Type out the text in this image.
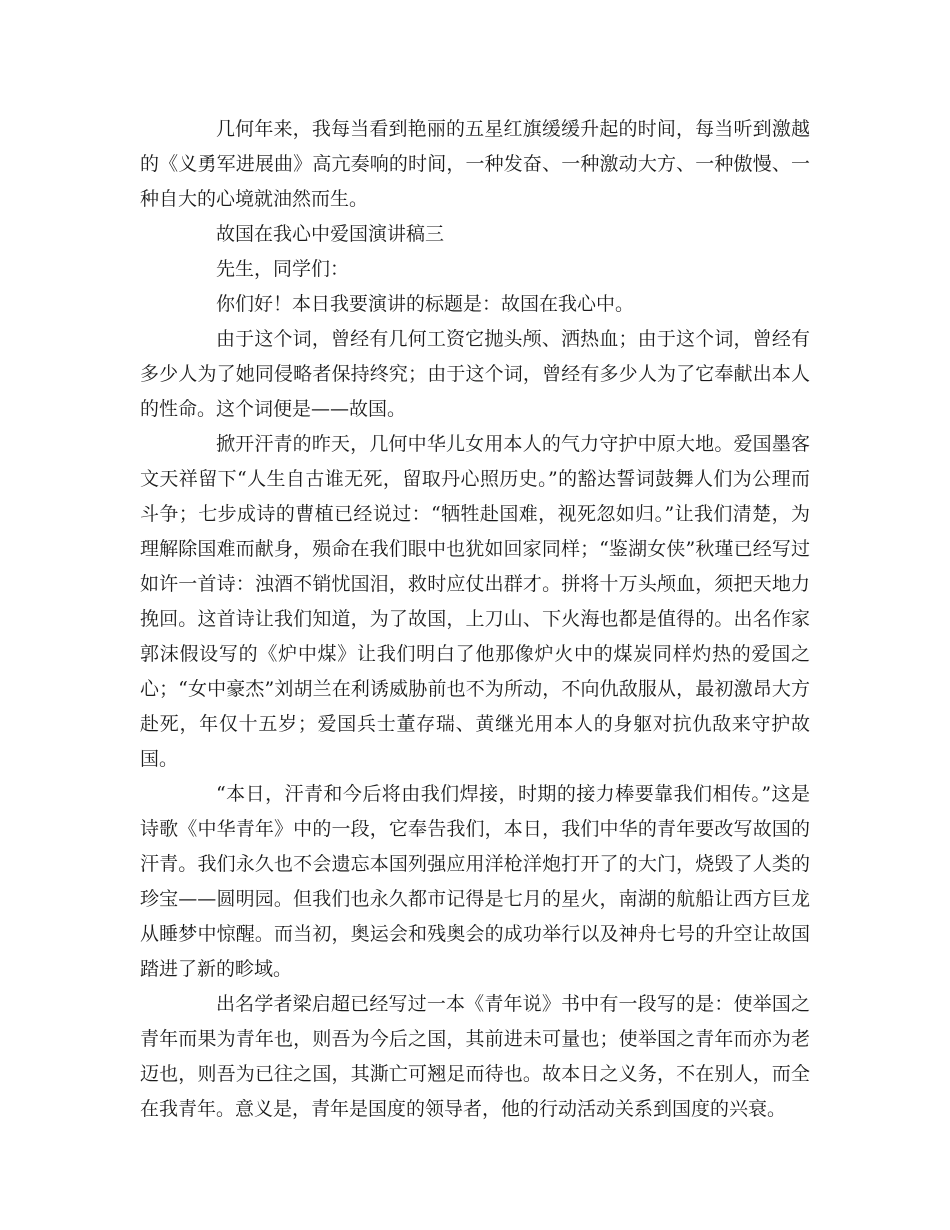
几何年来，我每当看到艳丽的五星红旗缓缓升起的时间，每当听到激越的《义勇军进展曲》高亢奏响的时间，一种发奋、一种激动大方、一种傲慢、一种自大的心境就油然而生。

故国在我心中爱国演讲稿三

先生，同学们：

你们好！本日我要演讲的标题是：故国在我心中。

由于这个词，曾经有几何工资它抛头颅、洒热血；由于这个词，曾经有多少人为了她同侵略者保持终究；由于这个词，曾经有多少人为了它奉献出本人的性命。这个词便是——故国。

掀开汗青的昨天，几何中华儿女用本人的气力守护中原大地。爱国墨客文天祥留下“人生自古谁无死，留取丹心照历史。”的豁达誓词鼓舞人们为公理而斗争；七步成诗的曹植已经说过：“牺牲赴国难，视死忽如归。”让我们清楚，为理解除国难而献身，殒命在我们眼中也犹如回家同样；“鉴湖女侠”秋瑾已经写过如许一首诗：浊酒不销忧国泪，救时应仗出群才。拼将十万头颅血，须把天地力挽回。这首诗让我们知道，为了故国，上刀山、下火海也都是值得的。出名作家郭沫假设写的《炉中煤》让我们明白了他那像炉火中的煤炭同样灼热的爱国之心；“女中豪杰”刘胡兰在利诱威胁前也不为所动，不向仇敌服从，最初激昂大方赴死，年仅十五岁；爱国兵士董存瑞、黄继光用本人的身躯对抗仇敌来守护故国。

“本日，汗青和今后将由我们焊接，时期的接力棒要靠我们相传。”这是诗歌《中华青年》中的一段，它奉告我们，本日，我们中华的青年要改写故国的汗青。我们永久也不会遗忘本国列强应用洋枪洋炮打开了的大门，烧毁了人类的珍宝——圆明园。但我们也永久都市记得是七月的星火，南湖的航船让西方巨龙从睡梦中惊醒。而当初，奥运会和残奥会的成功举行以及神舟七号的升空让故国踏进了新的畛域。

出名学者梁启超已经写过一本《青年说》书中有一段写的是：使举国之青年而果为青年也，则吾为今后之国，其前进未可量也；使举国之青年而亦为老迈也，则吾为已往之国，其澌亡可翘足而待也。故本日之义务，不在别人，而全在我青年。意义是，青年是国度的领导者，他的行动活动关系到国度的兴衰。
